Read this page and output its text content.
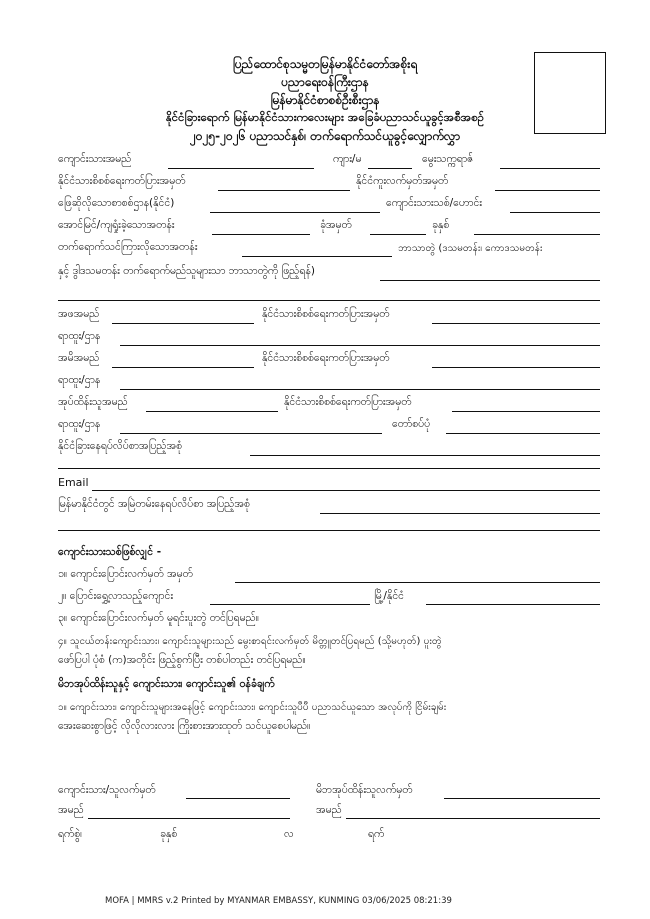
ပြည်ထောင်စုသမ္မတမြန်မာနိုင်ငံတော်အစိုးရ
ပညာရေးဝန်ကြီးဌာန
မြန်မာနိုင်ငံစာစစ်ဦးစီးဌာန
နိုင်ငံခြားရောက် မြန်မာနိုင်ငံသားကလေးများ အခြေခံပညာသင်ယူခွင့်အစီအစဉ်
၂၀၂၅-၂၀၂၆ ပညာသင်နှစ်၊ တက်ရောက်သင်ယူခွင့်လျှောက်လွှာ
ကျောင်းသားအမည်	ကျား/မ	မွေးသက္ကရာဇ်
နိုင်ငံသားစိစစ်ရေးကတ်ပြားအမှတ်	နိုင်ငံကူးလက်မှတ်အမှတ်
ဖြေဆိုလိုသောစာစစ်ဌာန(နိုင်ငံ)	ကျောင်းသားသစ်/ဟောင်း
အောင်မြင်/ကျရှုံးခဲ့သောအတန်း	ခုံအမှတ်	ခုနှစ်
တက်ရောက်သင်ကြားလိုသောအတန်း	ဘာသာတွဲ (ဒသမတန်း၊ ကောဒသမတန်း
နှင့် ဒွါဒသမတန်း တက်ရောက်မည်သူများသာ ဘာသာတွဲကို ဖြည့်ရန်)
အဖအမည်	နိုင်ငံသားစိစစ်ရေးကတ်ပြားအမှတ်
ရာထူး/ဌာန
အမိအမည်	နိုင်ငံသားစိစစ်ရေးကတ်ပြားအမှတ်
ရာထူး/ဌာန
အုပ်ထိန်းသူအမည်	နိုင်ငံသားစိစစ်ရေးကတ်ပြားအမှတ်
ရာထူး/ဌာန	တော်စပ်ပုံ
နိုင်ငံခြားနေရပ်လိပ်စာအပြည့်အစုံ
Email
မြန်မာနိုင်ငံတွင် အမြဲတမ်းနေရပ်လိပ်စာ အပြည့်အစုံ
ကျောင်းသားသစ်ဖြစ်လျှင် -
၁။ ကျောင်းပြောင်းလက်မှတ် အမှတ်
၂။ ပြောင်းရွှေ့လာသည့်ကျောင်း	မြို့/နိုင်ငံ
၃။ ကျောင်းပြောင်းလက်မှတ် မူရင်းပူးတွဲ တင်ပြရမည်။
၄။ သူငယ်တန်းကျောင်းသား၊ ကျောင်းသူများသည် မွေးစာရင်းလက်မှတ် မိတ္တူတင်ပြရမည် (သို့မဟုတ်) ပူးတွဲ
ဖော်ပြပါ ပုံစံ (က)အတိုင်း ဖြည့်စွက်ပြီး တစ်ပါတည်း တင်ပြရမည်။
မိဘအုပ်ထိန်းသူနှင့် ကျောင်းသား၊ ကျောင်းသူ၏ ဝန်ခံချက်
၁။ ကျောင်းသား၊ ကျောင်းသူများအနေဖြင့် ကျောင်းသား၊ ကျောင်းသူပီပီ ပညာသင်ယူသော အလုပ်ကို ငြိမ်းချမ်း
အေးဆေးစွာဖြင့် လိုလိုလားလား ကြိုးစားအားထုတ် သင်ယူစေပါမည်။
ကျောင်းသား/သူလက်မှတ်	မိဘအုပ်ထိန်းသူလက်မှတ်
အမည်	အမည်
ရက်စွဲ၊	ခုနှစ်	လ	ရက်
MOFA | MMRS v.2 Printed by MYANMAR EMBASSY, KUNMING 03/06/2025 08:21:39
